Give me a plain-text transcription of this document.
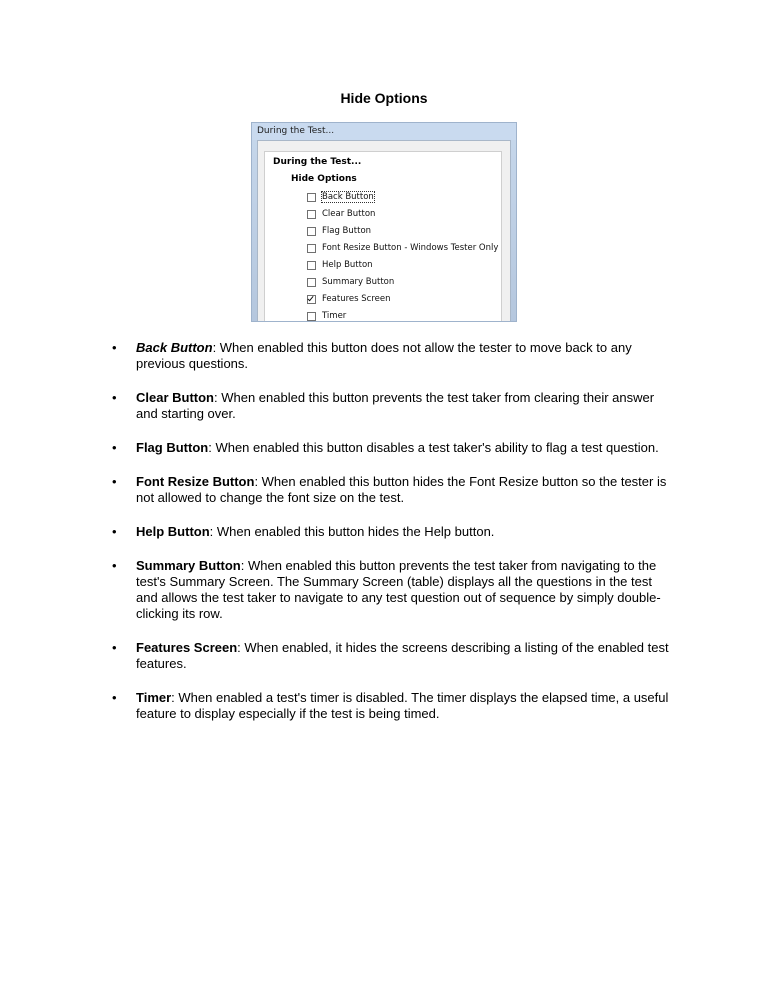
Hide Options
During the Test...
During the Test...
Hide Options
Back Button
Clear Button
Flag Button
Font Resize Button - Windows Tester Only
Help Button
Summary Button
Features Screen
Timer
• Back Button: When enabled this button does not allow the tester to move back to any previous questions.
• Clear Button: When enabled this button prevents the test taker from clearing their answer and starting over.
• Flag Button: When enabled this button disables a test taker's ability to flag a test question.
• Font Resize Button: When enabled this button hides the Font Resize button so the tester is not allowed to change the font size on the test.
• Help Button: When enabled this button hides the Help button.
• Summary Button: When enabled this button prevents the test taker from navigating to the test's Summary Screen. The Summary Screen (table) displays all the questions in the test and allows the test taker to navigate to any test question out of sequence by simply double-clicking its row.
• Features Screen: When enabled, it hides the screens describing a listing of the enabled test features.
• Timer: When enabled a test's timer is disabled. The timer displays the elapsed time, a useful feature to display especially if the test is being timed.
